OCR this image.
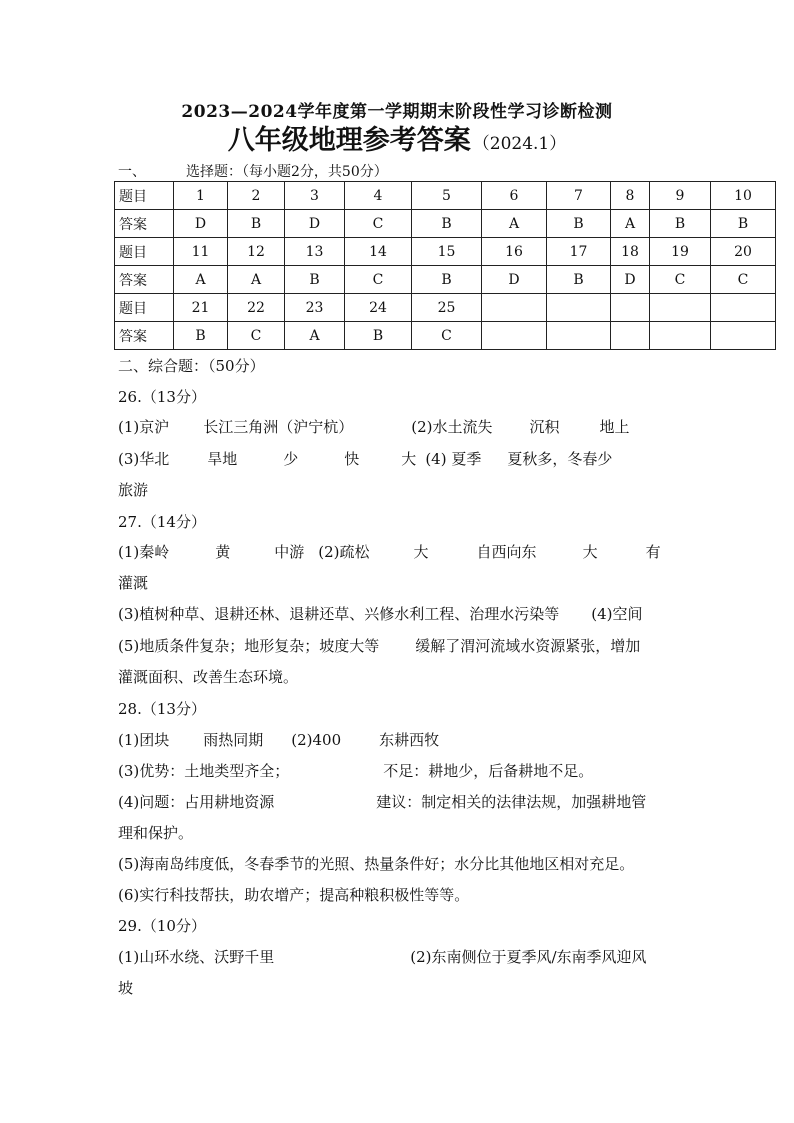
2023—2024学年度第一学期期末阶段性学习诊断检测
八年级地理参考答案 （2024.1）
一、	选择题：（每小题2分，共50分）
题目	1	2	3	4	5	6	7	8	9	10
答案	D	B	D	C	B	A	B	A	B	B
题目	11	12	13	14	15	16	17	18	19	20
答案	A	A	B	C	B	D	B	D	C	C
题目	21	22	23	24	25					
答案	B	C	A	B	C					
二、综合题：（50分）
26.（13分）
(1)京沪 长江三角洲（沪宁杭）	(2)水土流失 沉积	地上
(3)华北	旱地	少	快	大 (4) 夏季 夏秋多，冬春少
旅游
27.（14分）
(1)秦岭	黄	中游 (2)疏松	大	自西向东	大	有
灌溉
(3)植树种草、退耕还林、退耕还草、兴修水利工程、治理水污染等 (4)空间
(5)地质条件复杂；地形复杂；坡度大等 缓解了渭河流域水资源紧张，增加
灌溉面积、改善生态环境。
28.（13分）
(1)团块 雨热同期 (2)400	东耕西牧
(3)优势：土地类型齐全；	不足：耕地少，后备耕地不足。
(4)问题：占用耕地资源	建议：制定相关的法律法规，加强耕地管
理和保护。
(5)海南岛纬度低，冬春季节的光照、热量条件好；水分比其他地区相对充足。
(6)实行科技帮扶，助农增产；提高种粮积极性等等。
29.（10分）
(1)山环水绕、沃野千里	(2)东南侧位于夏季风/东南季风迎风
坡
